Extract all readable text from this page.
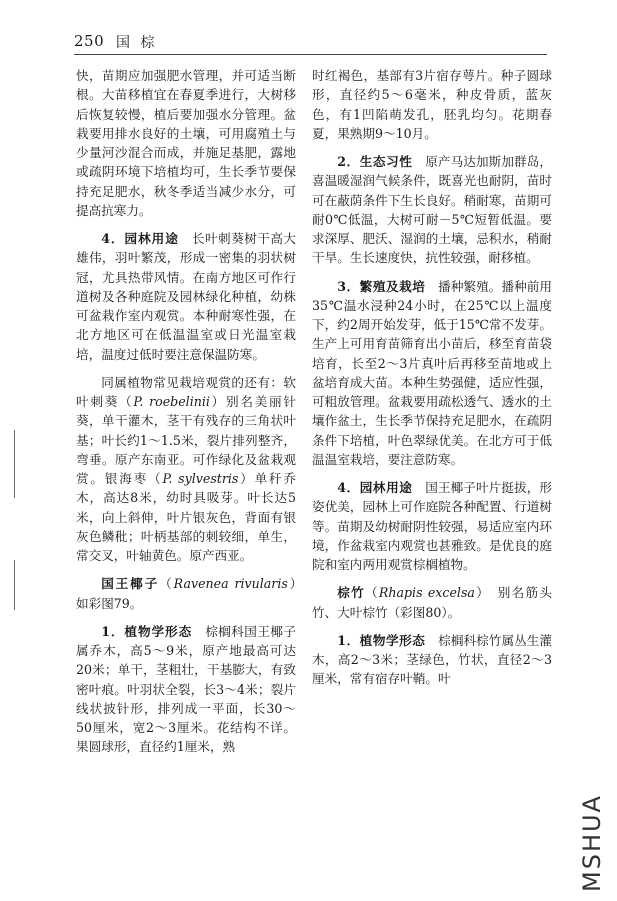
250 国 棕

快，苗期应加强肥水管理，并可适当断根。大苗移植宜在春夏季进行，大树移后恢复较慢，植后要加强水分管理。盆栽要用排水良好的土壤，可用腐殖土与少量河沙混合而成，并施足基肥，露地或疏阴环境下培植均可，生长季节要保持充足肥水，秋冬季适当减少水分，可提高抗寒力。

4．园林用途　 长叶刺葵树干高大雄伟，羽叶繁茂，形成一密集的羽状树冠，尤具热带风情。在南方地区可作行道树及各种庭院及园林绿化种植，幼株可盆栽作室内观赏。本种耐寒性强，在北方地区可在低温温室或日光温室栽培，温度过低时要注意保温防寒。

同属植物常见栽培观赏的还有：软叶刺葵（P. roebelinii）别名美丽针葵，单干灌木，茎干有残存的三角状叶基；叶长约1～1.5米，裂片排列整齐，弯垂。原产东南亚。可作绿化及盆栽观赏。银海枣（P. sylvestris）单秆乔木，高达8米，幼时具吸芽。叶长达5米，向上斜伸，叶片银灰色，背面有银灰色鳞秕；叶柄基部的刺较细，单生，常交叉，叶轴黄色。原产西亚。

国王椰子（Ravenea rivularis）　如彩图79。

1．植物学形态　 棕榈科国王椰子属乔木，高5～9米，原产地最高可达20米；单干，茎粗壮，干基膨大，有致密叶痕。叶羽状全裂，长3～4米；裂片线状披针形，排列成一平面，长30～50厘米，宽2～3厘米。花结构不详。果圆球形，直径约1厘米，熟

时红褐色，基部有3片宿存萼片。种子圆球形，直径约5～6毫米，种皮骨质，蓝灰色，有1凹陷萌发孔，胚乳均匀。花期春夏，果熟期9～10月。

2．生态习性　 原产马达加斯加群岛，喜温暖湿润气候条件，既喜光也耐阴，苗时可在蔽荫条件下生长良好。稍耐寒，苗期可耐0℃低温，大树可耐－5℃短暂低温。要求深厚、肥沃、湿润的土壤，忌积水，稍耐干旱。生长速度快，抗性较强，耐移植。

3．繁殖及栽培　 播种繁殖。播种前用35℃温水浸种24小时，在25℃以上温度下，约2周开始发芽，低于15℃常不发芽。生产上可用育苗筛育出小苗后，移至育苗袋培育，长至2～3片真叶后再移至苗地或上盆培育成大苗。本种生势强健，适应性强，可粗放管理。盆栽要用疏松透气、透水的土壤作盆土，生长季节保持充足肥水，在疏阴条件下培植，叶色翠绿优美。在北方可于低温温室栽培，要注意防寒。

4．园林用途　 国王椰子叶片挺拔，形姿优美，园林上可作庭院各种配置、行道树等。苗期及幼树耐阴性较强，易适应室内环境，作盆栽室内观赏也甚雅致。是优良的庭院和室内两用观赏棕榈植物。

棕竹（Rhapis excelsa）　别名筋头竹、大叶棕竹（彩图80）。

1．植物学形态　 棕榈科棕竹属丛生灌木，高2～3米；茎绿色，竹状，直径2～3厘米，常有宿存叶鞘。叶

MSHUA
